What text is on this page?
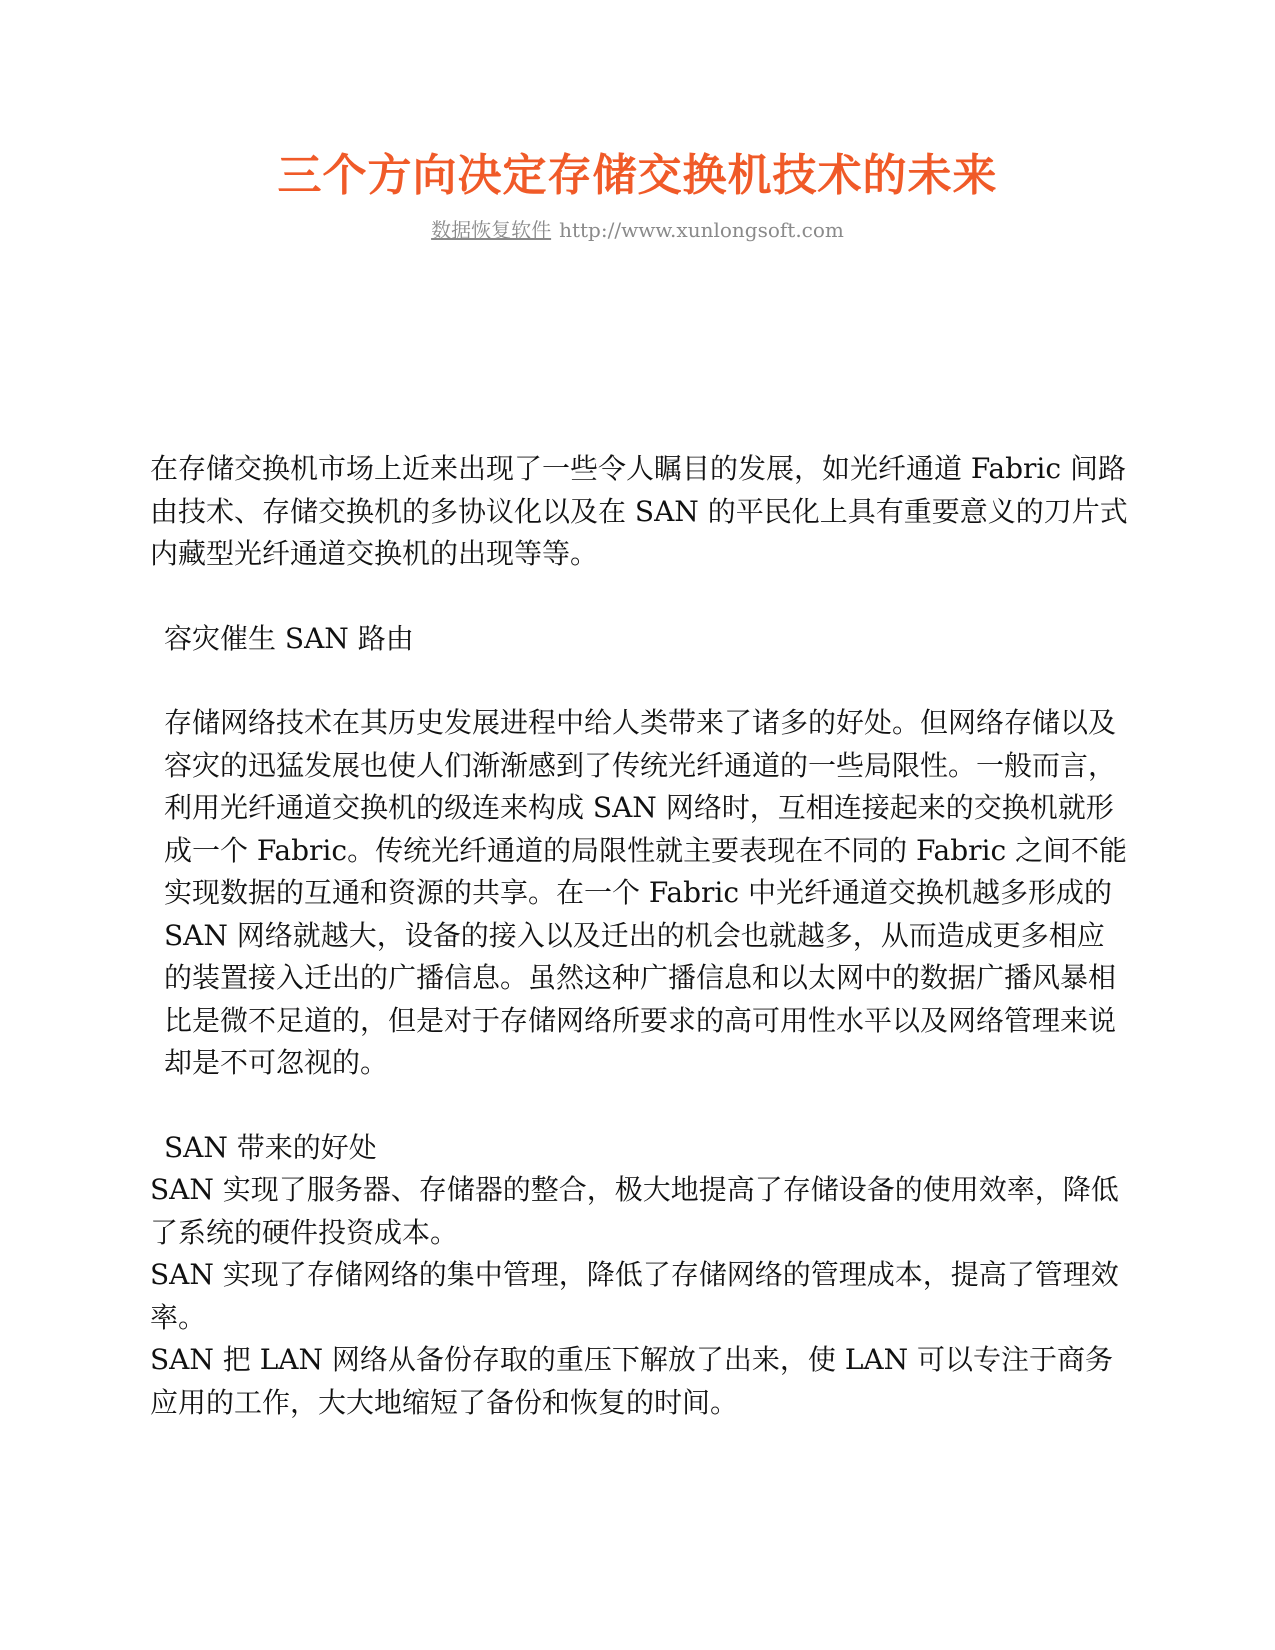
三个方向决定存储交换机技术的未来
数据恢复软件 http://www.xunlongsoft.com

在存储交换机市场上近来出现了一些令人瞩目的发展，如光纤通道 Fabric 间路由技术、存储交换机的多协议化以及在 SAN 的平民化上具有重要意义的刀片式内藏型光纤通道交换机的出现等等。

容灾催生 SAN 路由

存储网络技术在其历史发展进程中给人类带来了诸多的好处。但网络存储以及容灾的迅猛发展也使人们渐渐感到了传统光纤通道的一些局限性。一般而言，利用光纤通道交换机的级连来构成 SAN 网络时，互相连接起来的交换机就形成一个 Fabric。传统光纤通道的局限性就主要表现在不同的 Fabric 之间不能实现数据的互通和资源的共享。在一个 Fabric 中光纤通道交换机越多形成的 SAN 网络就越大，设备的接入以及迁出的机会也就越多，从而造成更多相应的装置接入迁出的广播信息。虽然这种广播信息和以太网中的数据广播风暴相比是微不足道的，但是对于存储网络所要求的高可用性水平以及网络管理来说却是不可忽视的。

SAN 带来的好处

SAN 实现了服务器、存储器的整合，极大地提高了存储设备的使用效率，降低了系统的硬件投资成本。

SAN 实现了存储网络的集中管理，降低了存储网络的管理成本，提高了管理效率。

SAN 把 LAN 网络从备份存取的重压下解放了出来，使 LAN 可以专注于商务应用的工作，大大地缩短了备份和恢复的时间。
